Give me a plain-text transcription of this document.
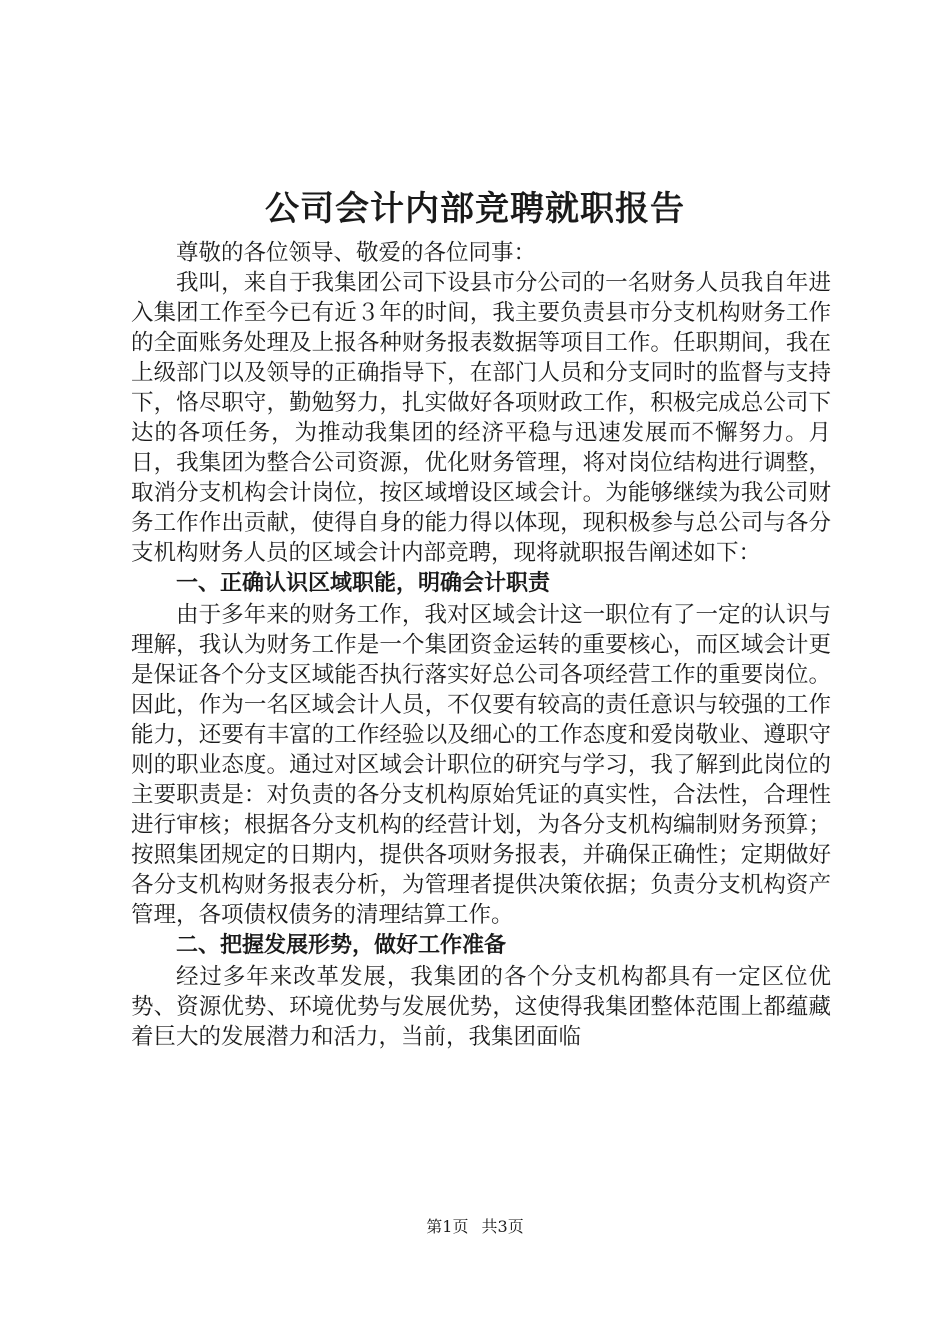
公司会计内部竞聘就职报告

尊敬的各位领导、敬爱的各位同事：

我叫，来自于我集团公司下设县市分公司的一名财务人员我自年进入集团工作至今已有近３年的时间，我主要负责县市分支机构财务工作的全面账务处理及上报各种财务报表数据等项目工作。任职期间，我在上级部门以及领导的正确指导下，在部门人员和分支同时的监督与支持下，恪尽职守，勤勉努力，扎实做好各项财政工作，积极完成总公司下达的各项任务，为推动我集团的经济平稳与迅速发展而不懈努力。月日，我集团为整合公司资源，优化财务管理，将对岗位结构进行调整，取消分支机构会计岗位，按区域增设区域会计。为能够继续为我公司财务工作作出贡献，使得自身的能力得以体现，现积极参与总公司与各分支机构财务人员的区域会计内部竞聘，现将就职报告阐述如下：

一、正确认识区域职能，明确会计职责

由于多年来的财务工作，我对区域会计这一职位有了一定的认识与理解，我认为财务工作是一个集团资金运转的重要核心，而区域会计更是保证各个分支区域能否执行落实好总公司各项经营工作的重要岗位。因此，作为一名区域会计人员，不仅要有较高的责任意识与较强的工作能力，还要有丰富的工作经验以及细心的工作态度和爱岗敬业、遵职守则的职业态度。通过对区域会计职位的研究与学习，我了解到此岗位的主要职责是：对负责的各分支机构原始凭证的真实性，合法性，合理性进行审核；根据各分支机构的经营计划，为各分支机构编制财务预算；按照集团规定的日期内，提供各项财务报表，并确保正确性；定期做好各分支机构财务报表分析，为管理者提供决策依据；负责分支机构资产管理，各项债权债务的清理结算工作。

二、把握发展形势，做好工作准备

经过多年来改革发展，我集团的各个分支机构都具有一定区位优势、资源优势、环境优势与发展优势，这使得我集团整体范围上都蕴藏着巨大的发展潜力和活力，当前，我集团面临

第1页 共3页
